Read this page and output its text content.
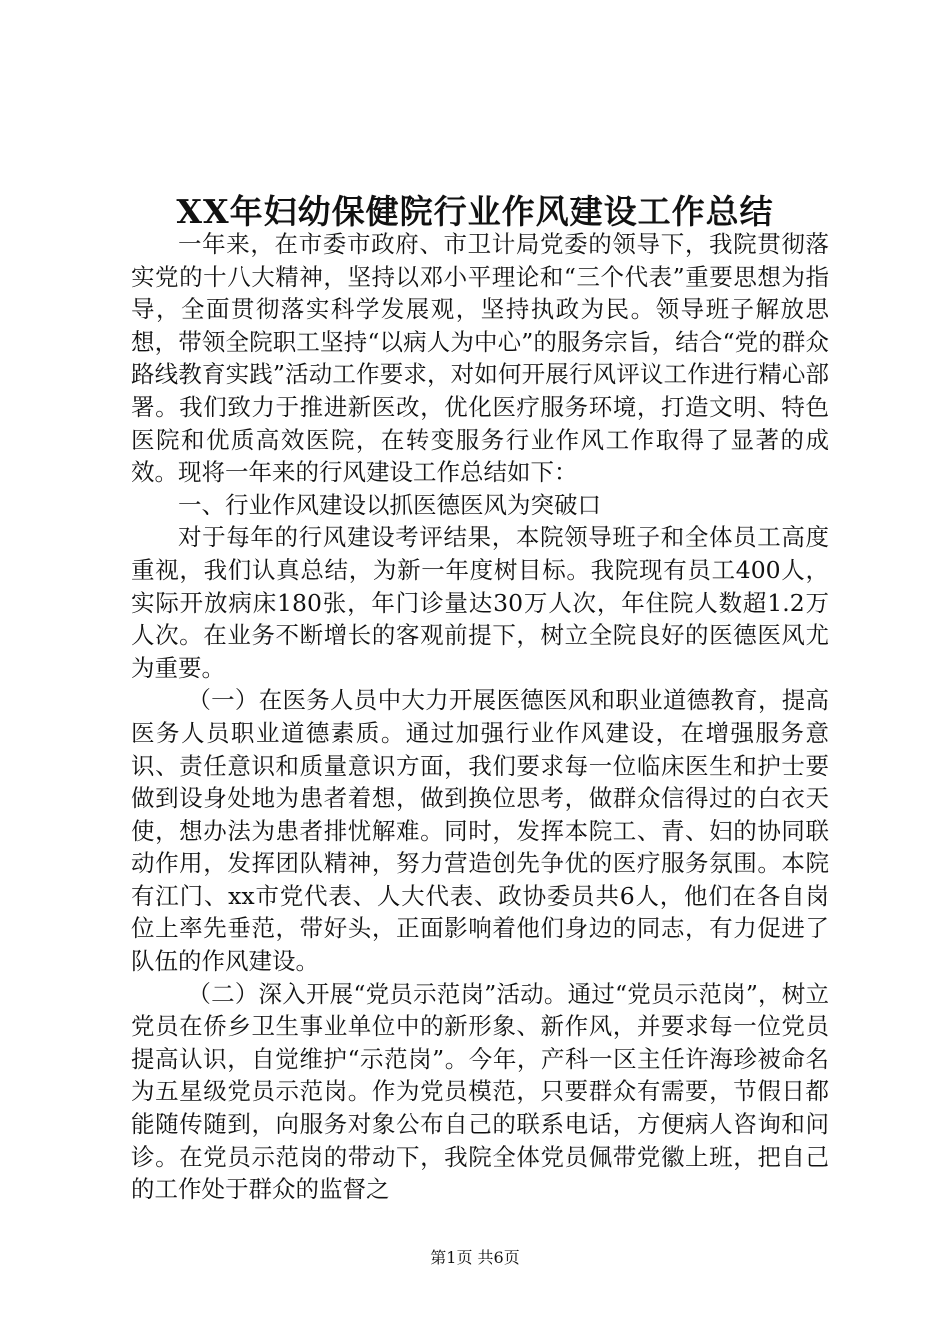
XX年妇幼保健院行业作风建设工作总结

一年来，在市委市政府、市卫计局党委的领导下，我院贯彻落实党的十八大精神，坚持以邓小平理论和“三个代表”重要思想为指导，全面贯彻落实科学发展观，坚持执政为民。领导班子解放思想，带领全院职工坚持“以病人为中心”的服务宗旨，结合“党的群众路线教育实践”活动工作要求，对如何开展行风评议工作进行精心部署。我们致力于推进新医改，优化医疗服务环境，打造文明、特色医院和优质高效医院，在转变服务行业作风工作取得了显著的成效。现将一年来的行风建设工作总结如下：

一、行业作风建设以抓医德医风为突破口

对于每年的行风建设考评结果，本院领导班子和全体员工高度重视，我们认真总结，为新一年度树目标。我院现有员工400人，实际开放病床180张，年门诊量达30万人次，年住院人数超1.2万人次。在业务不断增长的客观前提下，树立全院良好的医德医风尤为重要。

（一）在医务人员中大力开展医德医风和职业道德教育，提高医务人员职业道德素质。通过加强行业作风建设，在增强服务意识、责任意识和质量意识方面，我们要求每一位临床医生和护士要做到设身处地为患者着想，做到换位思考，做群众信得过的白衣天使，想办法为患者排忧解难。同时，发挥本院工、青、妇的协同联动作用，发挥团队精神，努力营造创先争优的医疗服务氛围。本院有江门、xx市党代表、人大代表、政协委员共6人，他们在各自岗位上率先垂范，带好头，正面影响着他们身边的同志，有力促进了队伍的作风建设。

（二）深入开展“党员示范岗”活动。通过“党员示范岗”，树立党员在侨乡卫生事业单位中的新形象、新作风，并要求每一位党员提高认识，自觉维护“示范岗”。今年，产科一区主任许海珍被命名为五星级党员示范岗。作为党员模范，只要群众有需要，节假日都能随传随到，向服务对象公布自己的联系电话，方便病人咨询和问诊。在党员示范岗的带动下，我院全体党员佩带党徽上班，把自己的工作处于群众的监督之

第1页 共6页
